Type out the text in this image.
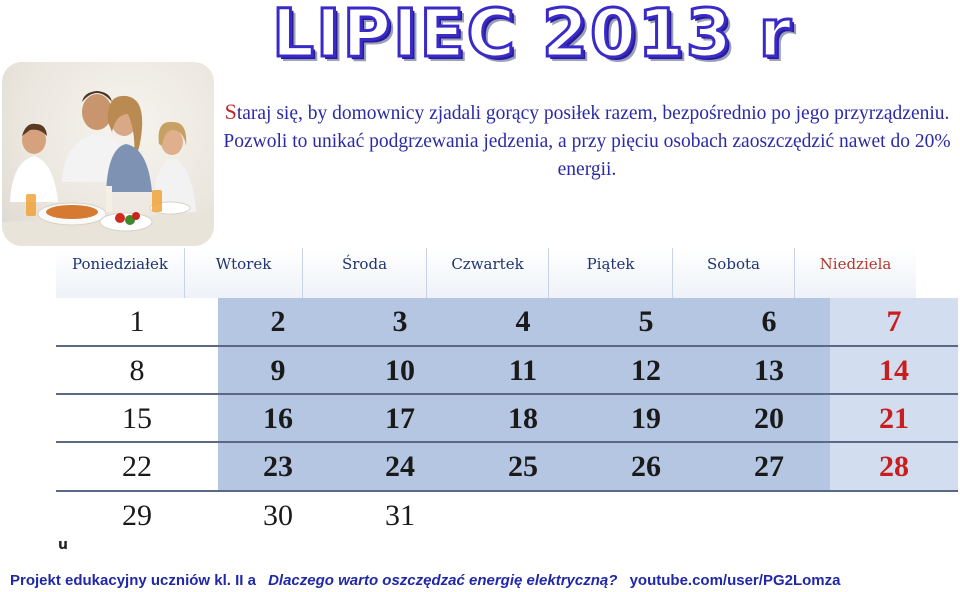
LIPIEC 2013 r
Staraj się, by domownicy zjadali gorący posiłek razem, bezpośrednio po jego przyrządzeniu. Pozwoli to unikać podgrzewania jedzenia, a przy pięciu osobach zaoszczędzić nawet do 20% energii.
Poniedziałek	Wtorek	Środa	Czwartek	Piątek	Sobota	Niedziela
1	2	3	4	5	6	7
8	9	10	11	12	13	14
15	16	17	18	19	20	21
22	23	24	25	26	27	28
29	30	31
u
Projekt edukacyjny uczniów kl. II a Dlaczego warto oszczędzać energię elektryczną? youtube.com/user/PG2Lomza
